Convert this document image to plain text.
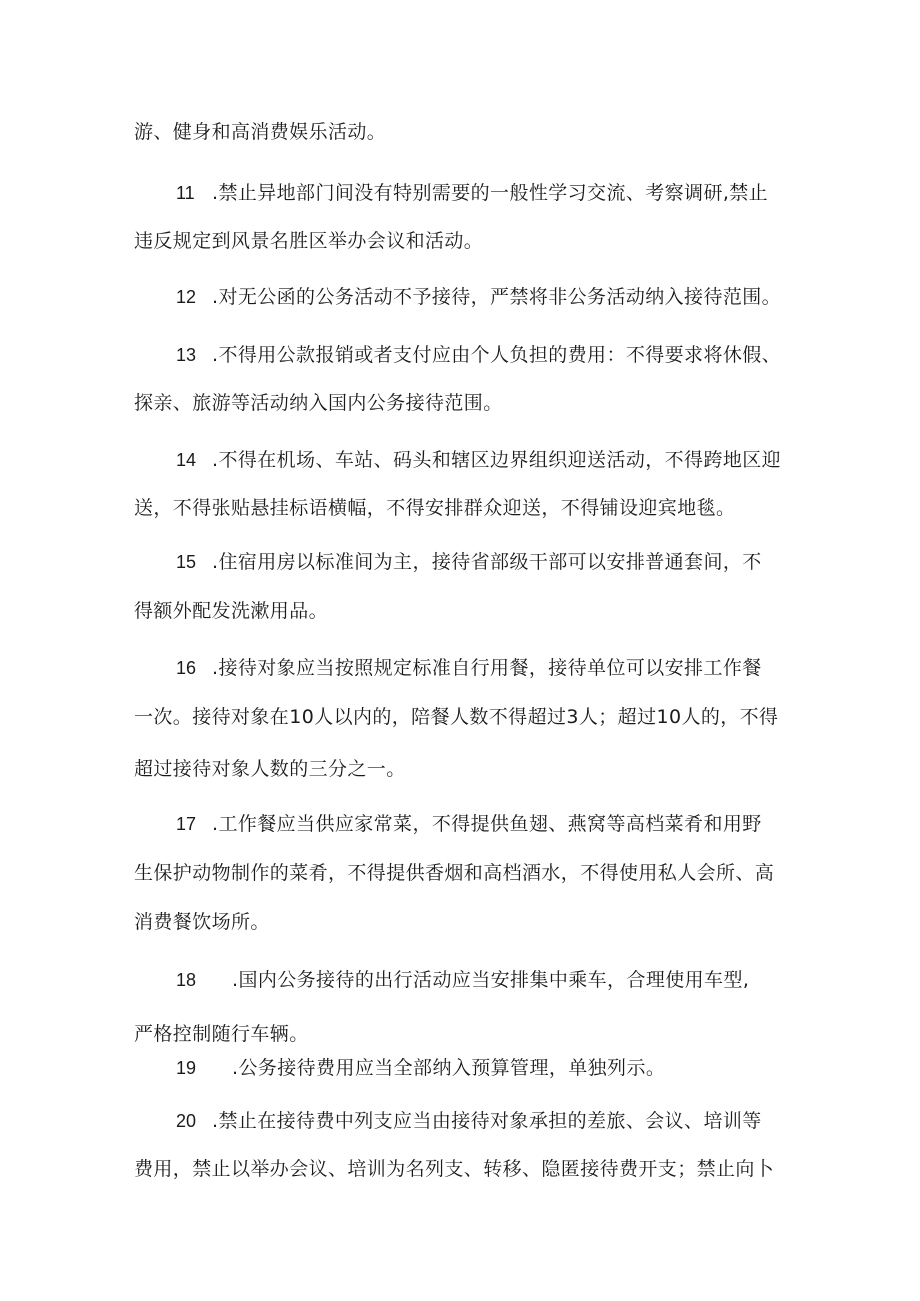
游、健身和高消费娱乐活动。
11 .禁止异地部门间没有特别需要的一般性学习交流、考察调研,禁止
违反规定到风景名胜区举办会议和活动。
12 .对无公函的公务活动不予接待，严禁将非公务活动纳入接待范围。
13 .不得用公款报销或者支付应由个人负担的费用：不得要求将休假、
探亲、旅游等活动纳入国内公务接待范围。
14 .不得在机场、车站、码头和辖区边界组织迎送活动，不得跨地区迎
送，不得张贴悬挂标语横幅，不得安排群众迎送，不得铺设迎宾地毯。
15 .住宿用房以标准间为主，接待省部级干部可以安排普通套间，不
得额外配发洗漱用品。
16 .接待对象应当按照规定标准自行用餐，接待单位可以安排工作餐
一次。接待对象在10人以内的，陪餐人数不得超过3人；超过10人的，不得
超过接待对象人数的三分之一。
17 .工作餐应当供应家常菜，不得提供鱼翅、燕窝等高档菜肴和用野
生保护动物制作的菜肴，不得提供香烟和高档酒水，不得使用私人会所、高
消费餐饮场所。
18 .国内公务接待的出行活动应当安排集中乘车，合理使用车型,
严格控制随行车辆。
19 .公务接待费用应当全部纳入预算管理，单独列示。
20 .禁止在接待费中列支应当由接待对象承担的差旅、会议、培训等
费用，禁止以举办会议、培训为名列支、转移、隐匿接待费开支；禁止向卜
